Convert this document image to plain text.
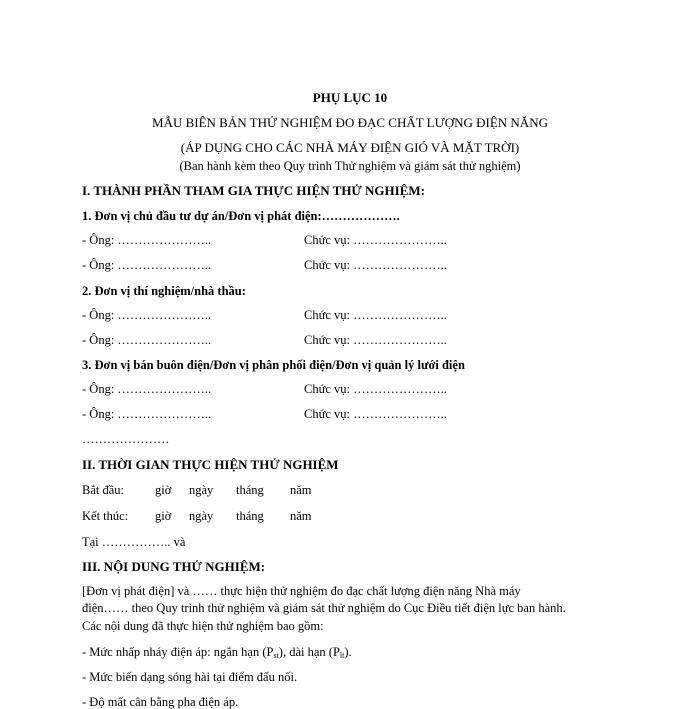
PHỤ LỤC 10
MẪU BIÊN BẢN THỬ NGHIỆM ĐO ĐẠC CHẤT LƯỢNG ĐIỆN NĂNG
(ÁP DỤNG CHO CÁC NHÀ MÁY ĐIỆN GIÓ VÀ MẶT TRỜI)
(Ban hành kèm theo Quy trình Thử nghiệm và giám sát thử nghiệm)
I. THÀNH PHẦN THAM GIA THỰC HIỆN THỬ NGHIỆM:
1. Đơn vị chủ đầu tư dự án/Đơn vị phát điện:……………….
- Ông: …………………..	Chức vụ: …………………..
- Ông: …………………..	Chức vụ: …………………..
2. Đơn vị thí nghiệm/nhà thầu:
- Ông: …………………..	Chức vụ: …………………..
- Ông: …………………..	Chức vụ: …………………..
3. Đơn vị bán buôn điện/Đơn vị phân phối điện/Đơn vị quản lý lưới điện
- Ông: …………………..	Chức vụ: …………………..
- Ông: …………………..	Chức vụ: …………………..
…………………
II. THỜI GIAN THỰC HIỆN THỬ NGHIỆM
Bắt đầu: giờ ngày tháng năm
Kết thúc: giờ ngày tháng năm
Tại …………….. và
III. NỘI DUNG THỬ NGHIỆM:
[Đơn vị phát điện] và …… thực hiện thử nghiệm đo đạc chất lượng điện năng Nhà máy
điện…… theo Quy trình thử nghiệm và giám sát thử nghiệm do Cục Điều tiết điện lực ban hành.
Các nội dung đã thực hiện thử nghiệm bao gồm:
- Mức nhấp nháy điện áp: ngắn hạn $(P_{st})$, dài hạn $(P_{lt})$.
- Mức biến dạng sóng hài tại điểm đấu nối.
- Độ mất cân bằng pha điện áp.
